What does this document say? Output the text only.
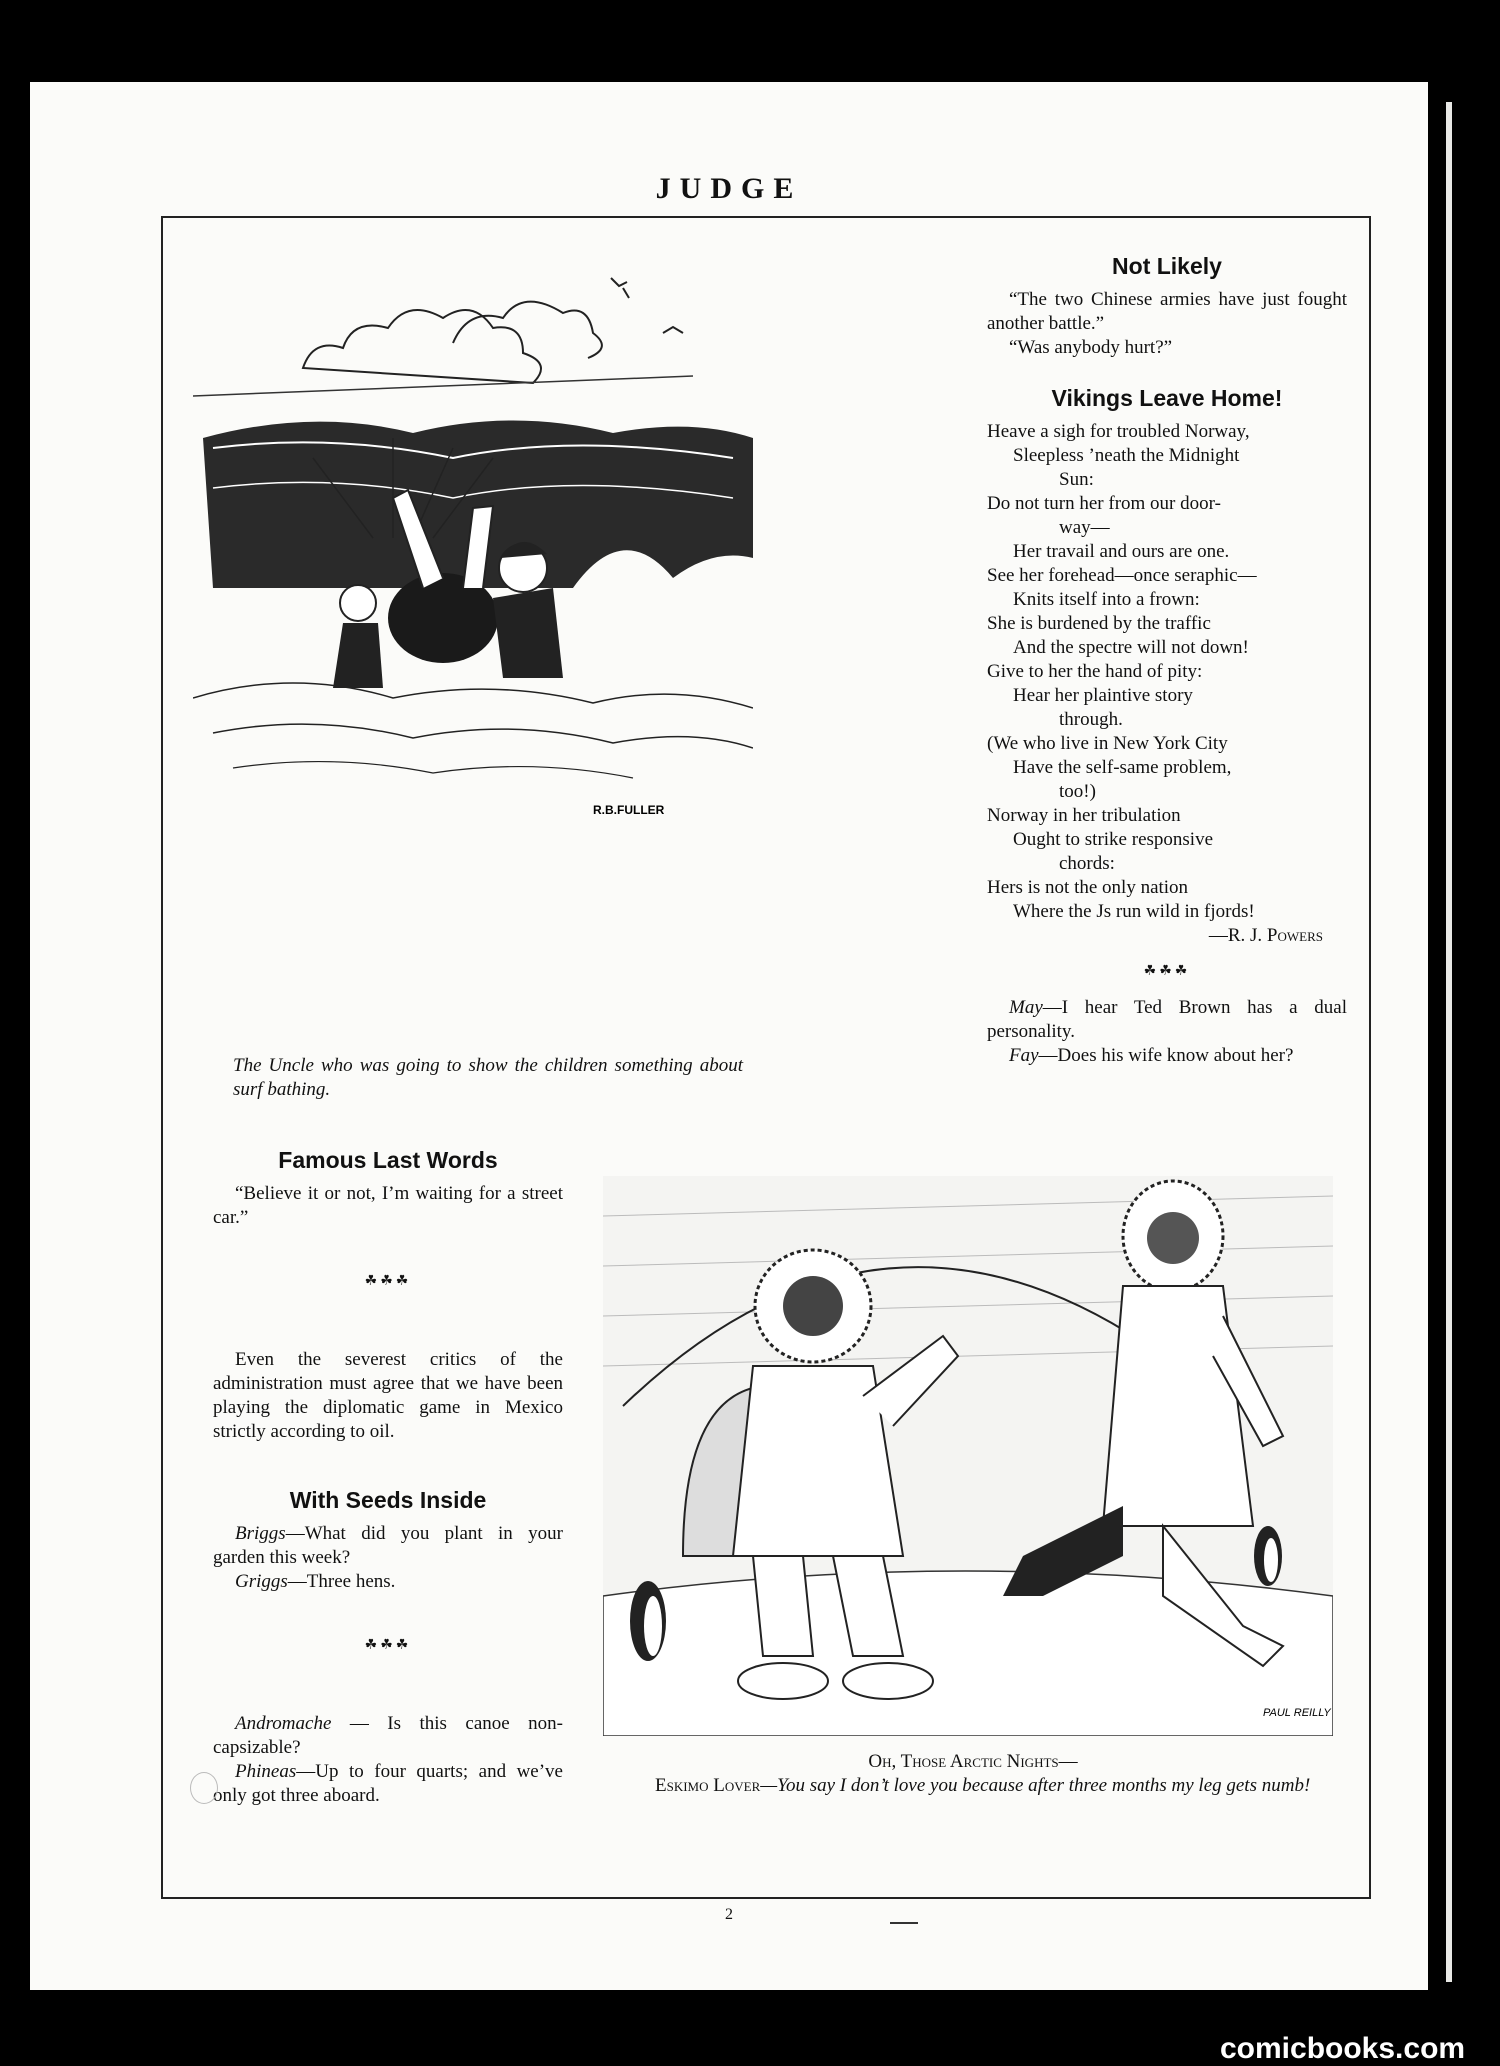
JUDGE
R.B.FULLER

The Uncle who was going to show the children something about surf bathing.

Not Likely

“The two Chinese armies have just fought another battle.”

“Was anybody hurt?”

Vikings Leave Home!

Heave a sigh for troubled Norway,

Sleepless ’neath the Midnight

Sun:

Do not turn her from our door-

way—

Her travail and ours are one.

See her forehead—once seraphic—

Knits itself into a frown:

She is burdened by the traffic

And the spectre will not down!

Give to her the hand of pity:

Hear her plaintive story

through.

(We who live in New York City

Have the self-same problem,

too!)

Norway in her tribulation

Ought to strike responsive

chords:

Hers is not the only nation

Where the Js run wild in fjords!

—R. J. Powers

☘☘☘

May—I hear Ted Brown has a dual personality.

Fay—Does his wife know about her?

Famous Last Words

“Believe it or not, I’m waiting for a street car.”

☘☘☘

Even the severest critics of the administration must agree that we have been playing the diplomatic game in Mexico strictly according to oil.

With Seeds Inside

Briggs—What did you plant in your garden this week?

Griggs—Three hens.

☘☘☘

Andromache — Is this canoe non-capsizable?

Phineas—Up to four quarts; and we’ve only got three aboard.

PAUL REILLY

Oh, Those Arctic Nights—

Eskimo Lover—You say I don’t love you because after three months my leg gets numb!

2
comicbooks.com
